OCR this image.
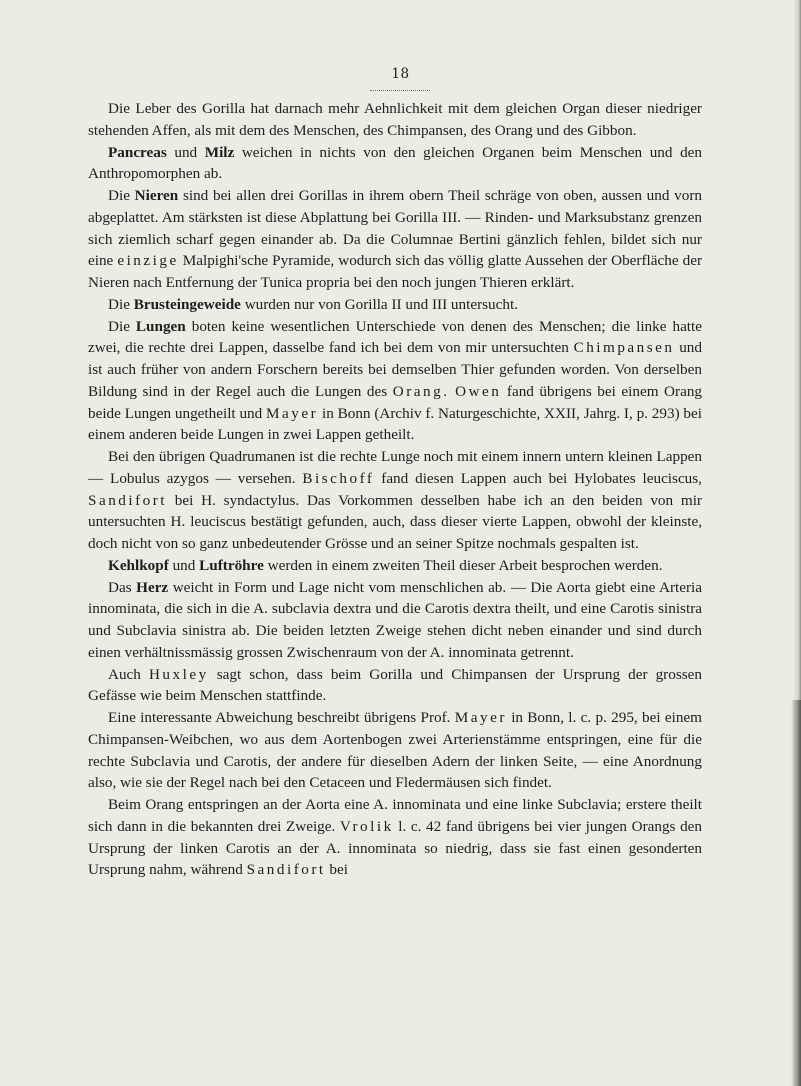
18

Die Leber des Gorilla hat darnach mehr Aehnlichkeit mit dem gleichen Organ dieser niedriger stehenden Affen, als mit dem des Menschen, des Chimpansen, des Orang und des Gibbon.

Pancreas und Milz weichen in nichts von den gleichen Organen beim Menschen und den Anthropomorphen ab.

Die Nieren sind bei allen drei Gorillas in ihrem obern Theil schräge von oben, aussen und vorn abgeplattet. Am stärksten ist diese Abplattung bei Gorilla III. — Rinden- und Marksubstanz grenzen sich ziemlich scharf gegen einander ab. Da die Columnae Bertini gänzlich fehlen, bildet sich nur eine einzige Malpighi'sche Pyramide, wodurch sich das völlig glatte Aussehen der Oberfläche der Nieren nach Entfernung der Tunica propria bei den noch jungen Thieren erklärt.

Die Brusteingeweide wurden nur von Gorilla II und III untersucht.

Die Lungen boten keine wesentlichen Unterschiede von denen des Menschen; die linke hatte zwei, die rechte drei Lappen, dasselbe fand ich bei dem von mir untersuchten Chimpansen und ist auch früher von andern Forschern bereits bei demselben Thier gefunden worden. Von derselben Bildung sind in der Regel auch die Lungen des Orang. Owen fand übrigens bei einem Orang beide Lungen ungetheilt und Mayer in Bonn (Archiv f. Naturgeschichte, XXII, Jahrg. I, p. 293) bei einem anderen beide Lungen in zwei Lappen getheilt.

Bei den übrigen Quadrumanen ist die rechte Lunge noch mit einem innern untern kleinen Lappen — Lobulus azygos — versehen. Bischoff fand diesen Lappen auch bei Hylobates leuciscus, Sandifort bei H. syndactylus. Das Vorkommen desselben habe ich an den beiden von mir untersuchten H. leuciscus bestätigt gefunden, auch, dass dieser vierte Lappen, obwohl der kleinste, doch nicht von so ganz unbedeutender Grösse und an seiner Spitze nochmals gespalten ist.

Kehlkopf und Luftröhre werden in einem zweiten Theil dieser Arbeit besprochen werden.

Das Herz weicht in Form und Lage nicht vom menschlichen ab. — Die Aorta giebt eine Arteria innominata, die sich in die A. subclavia dextra und die Carotis dextra theilt, und eine Carotis sinistra und Subclavia sinistra ab. Die beiden letzten Zweige stehen dicht neben einander und sind durch einen verhältnissmässig grossen Zwischenraum von der A. innominata getrennt.

Auch Huxley sagt schon, dass beim Gorilla und Chimpansen der Ursprung der grossen Gefässe wie beim Menschen stattfinde.

Eine interessante Abweichung beschreibt übrigens Prof. Mayer in Bonn, l. c. p. 295, bei einem Chimpansen-Weibchen, wo aus dem Aortenbogen zwei Arterienstämme entspringen, eine für die rechte Subclavia und Carotis, der andere für dieselben Adern der linken Seite, — eine Anordnung also, wie sie der Regel nach bei den Cetaceen und Fledermäusen sich findet.

Beim Orang entspringen an der Aorta eine A. innominata und eine linke Subclavia; erstere theilt sich dann in die bekannten drei Zweige. Vrolik l. c. 42 fand übrigens bei vier jungen Orangs den Ursprung der linken Carotis an der A. innominata so niedrig, dass sie fast einen gesonderten Ursprung nahm, während Sandifort bei
